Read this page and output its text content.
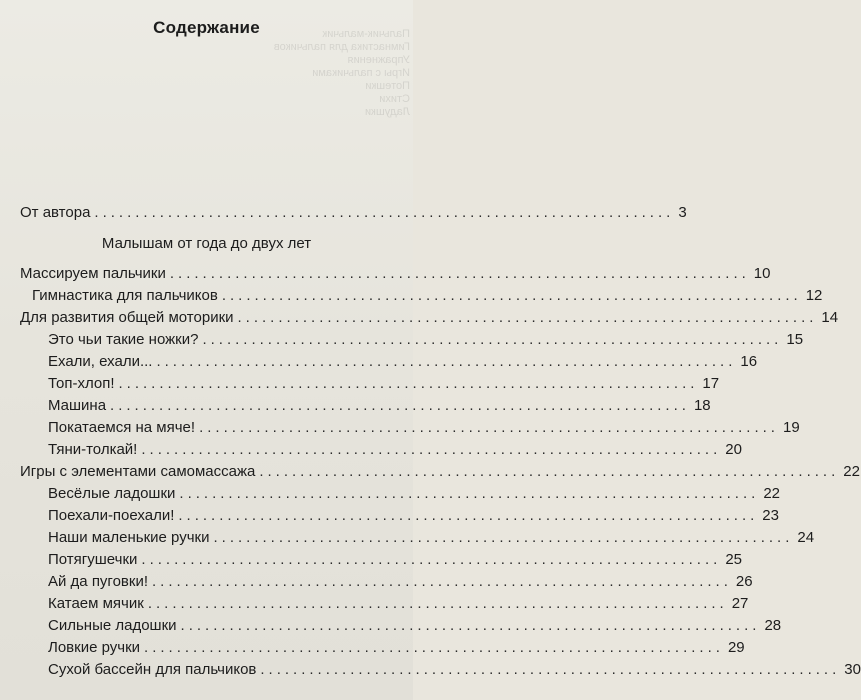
Пальчик-мальчик
Гимнастика для пальчиков
Упражнения
Игры с пальчиками
Потешки
Стихи
Ладушки
Содержание
От автора ....................................................................... 3
Малышам от года до двух лет
Массируем пальчики ....................................................................... 10
Гимнастика для пальчиков ....................................................................... 12
Для развития общей моторики ....................................................................... 14
Это чьи такие ножки? ....................................................................... 15
Ехали, ехали... ....................................................................... 16
Топ-хлоп! ....................................................................... 17
Машина ....................................................................... 18
Покатаемся на мяче! ....................................................................... 19
Тяни-толкай! ....................................................................... 20
Игры с элементами самомассажа ....................................................................... 22
Весёлые ладошки ....................................................................... 22
Поехали-поехали! ....................................................................... 23
Наши маленькие ручки ....................................................................... 24
Потягушечки ....................................................................... 25
Ай да пуговки! ....................................................................... 26
Катаем мячик ....................................................................... 27
Сильные ладошки ....................................................................... 28
Ловкие ручки ....................................................................... 29
Сухой бассейн для пальчиков ....................................................................... 30
